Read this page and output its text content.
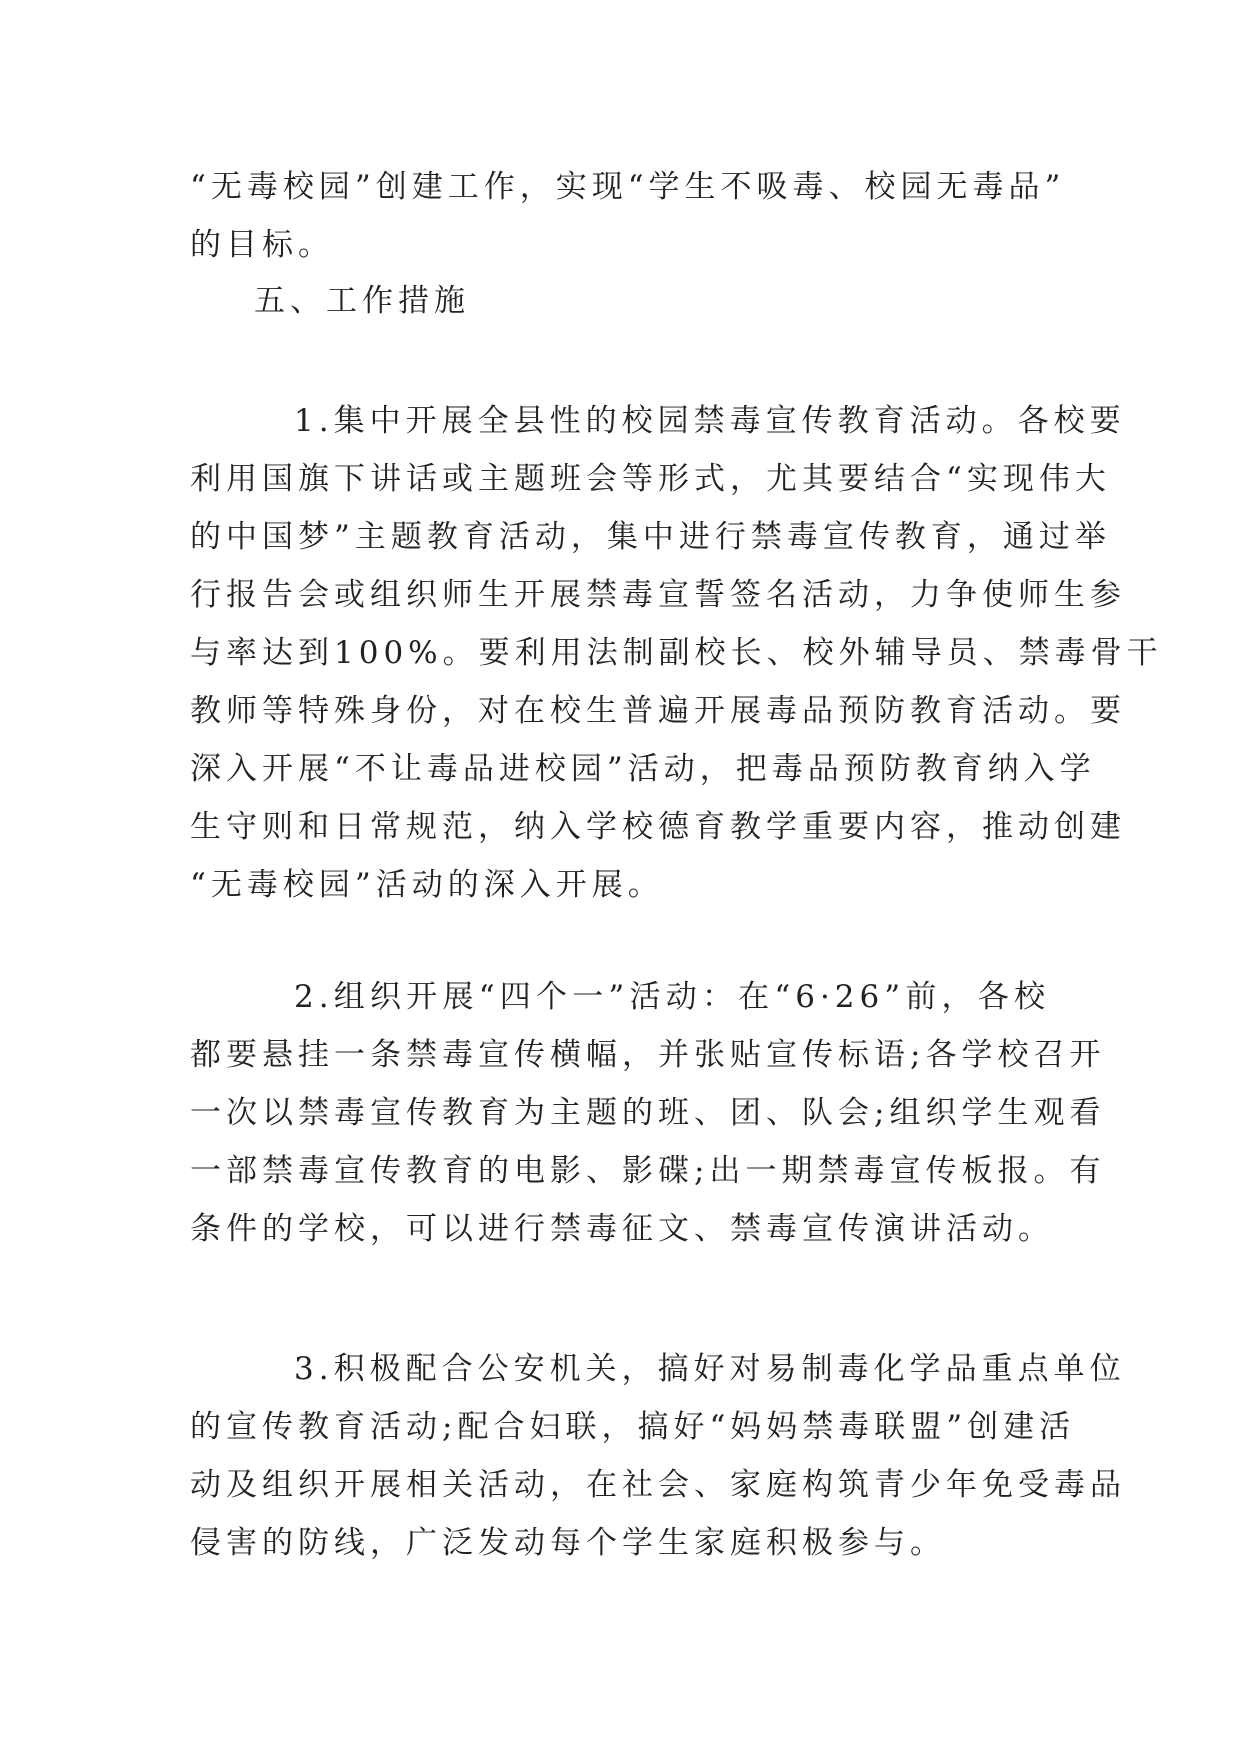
“无毒校园”创建工作，实现“学生不吸毒、校园无毒品”
的目标。
五、工作措施
1.集中开展全县性的校园禁毒宣传教育活动。各校要
利用国旗下讲话或主题班会等形式，尤其要结合“实现伟大
的中国梦”主题教育活动，集中进行禁毒宣传教育，通过举
行报告会或组织师生开展禁毒宣誓签名活动，力争使师生参
与率达到100%。要利用法制副校长、校外辅导员、禁毒骨干
教师等特殊身份，对在校生普遍开展毒品预防教育活动。要
深入开展“不让毒品进校园”活动，把毒品预防教育纳入学
生守则和日常规范，纳入学校德育教学重要内容，推动创建
“无毒校园”活动的深入开展。
2.组织开展“四个一”活动：在“6·26”前，各校
都要悬挂一条禁毒宣传横幅，并张贴宣传标语;各学校召开
一次以禁毒宣传教育为主题的班、团、队会;组织学生观看
一部禁毒宣传教育的电影、影碟;出一期禁毒宣传板报。有
条件的学校，可以进行禁毒征文、禁毒宣传演讲活动。
3.积极配合公安机关，搞好对易制毒化学品重点单位
的宣传教育活动;配合妇联，搞好“妈妈禁毒联盟”创建活
动及组织开展相关活动，在社会、家庭构筑青少年免受毒品
侵害的防线，广泛发动每个学生家庭积极参与。
